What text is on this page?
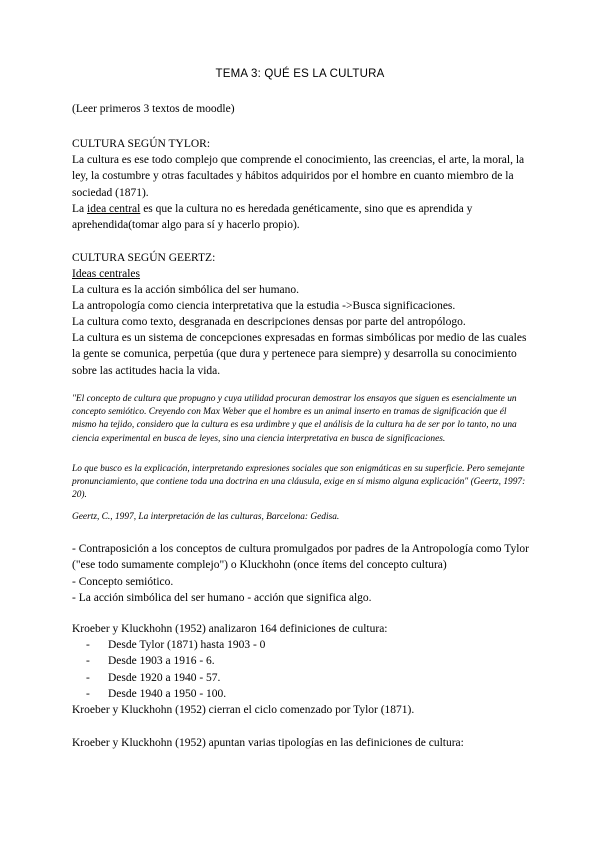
TEMA 3: QUÉ ES LA CULTURA
(Leer primeros 3 textos de moodle)
CULTURA SEGÚN TYLOR:
La cultura es ese todo complejo que comprende el conocimiento, las creencias, el arte, la moral, la ley, la costumbre y otras facultades y hábitos adquiridos por el hombre en cuanto miembro de la sociedad (1871).
La idea central es que la cultura no es heredada genéticamente, sino que es aprendida y aprehendida(tomar algo para sí y hacerlo propio).
CULTURA SEGÚN GEERTZ:
Ideas centrales
La cultura es la acción simbólica del ser humano.
La antropología como ciencia interpretativa que la estudia ->Busca significaciones.
La cultura como texto, desgranada en descripciones densas por parte del antropólogo.
La cultura es un sistema de concepciones expresadas en formas simbólicas por medio de las cuales la gente se comunica, perpetúa (que dura y pertenece para siempre) y desarrolla su conocimiento sobre las actitudes hacia la vida.
"El concepto de cultura que propugno y cuya utilidad procuran demostrar los ensayos que siguen es esencialmente un concepto semiótico. Creyendo con Max Weber que el hombre es un animal inserto en tramas de significación que él mismo ha tejido, considero que la cultura es esa urdimbre y que el análisis de la cultura ha de ser por lo tanto, no una ciencia experimental en busca de leyes, sino una ciencia interpretativa en busca de significaciones.
Lo que busco es la explicación, interpretando expresiones sociales que son enigmáticas en su superficie. Pero semejante pronunciamiento, que contiene toda una doctrina en una cláusula, exige en sí mismo alguna explicación" (Geertz, 1997: 20).
Geertz, C., 1997, La interpretación de las culturas, Barcelona: Gedisa.
- Contraposición a los conceptos de cultura promulgados por padres de la Antropología como Tylor ("ese todo sumamente complejo") o Kluckhohn (once ítems del concepto cultura)
- Concepto semiótico.
- La acción simbólica del ser humano - acción que significa algo.
Kroeber y Kluckhohn (1952) analizaron 164 definiciones de cultura:
- Desde Tylor (1871) hasta 1903 - 0
- Desde 1903 a 1916 - 6.
- Desde 1920 a 1940 - 57.
- Desde 1940 a 1950 - 100.
Kroeber y Kluckhohn (1952) cierran el ciclo comenzado por Tylor (1871).
Kroeber y Kluckhohn (1952) apuntan varias tipologías en las definiciones de cultura:
